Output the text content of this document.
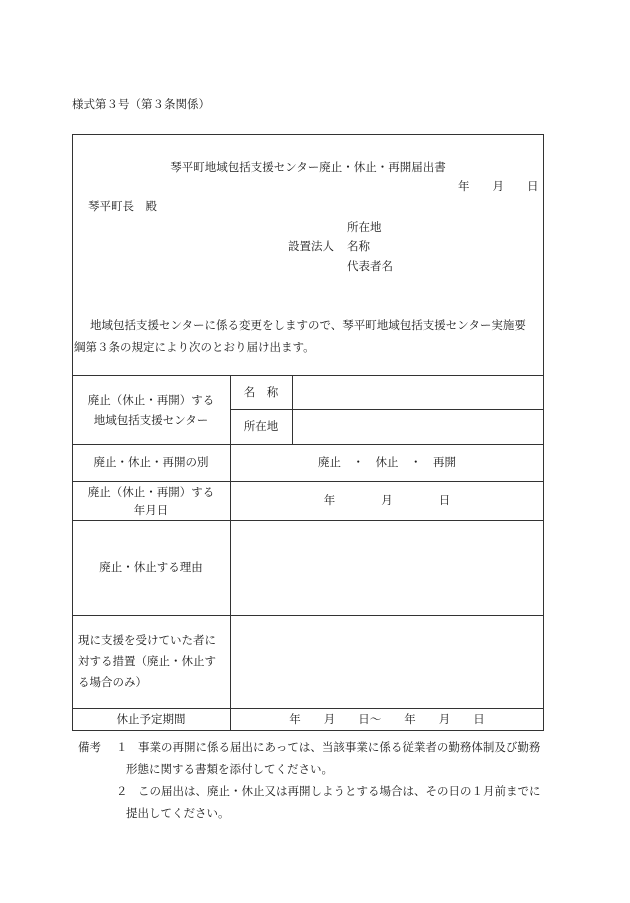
様式第３号（第３条関係）
琴平町地域包括支援センター廃止・休止・再開届出書
年　　月　　日
琴平町長　殿
所在地
設置法人 名称
代表者名
地域包括支援センターに係る変更をしますので、琴平町地域包括支援センター実施要
綱第３条の規定により次のとおり届け出ます。
廃止（休止・再開）する
地域包括支援センター
名　称
所在地
廃止・休止・再開の別	廃止　・　休止　・　再開
廃止（休止・再開）する
年月日
年　　　　月　　　　日
廃止・休止する理由
現に支援を受けていた者に
対する措置（廃止・休止す
る場合のみ）
休止予定期間	年　　月　　日〜　　年　　月　　日
備考 １ 事業の再開に係る届出にあっては、当該事業に係る従業者の勤務体制及び勤務
形態に関する書類を添付してください。
２ この届出は、廃止・休止又は再開しようとする場合は、その日の１月前までに
提出してください。
